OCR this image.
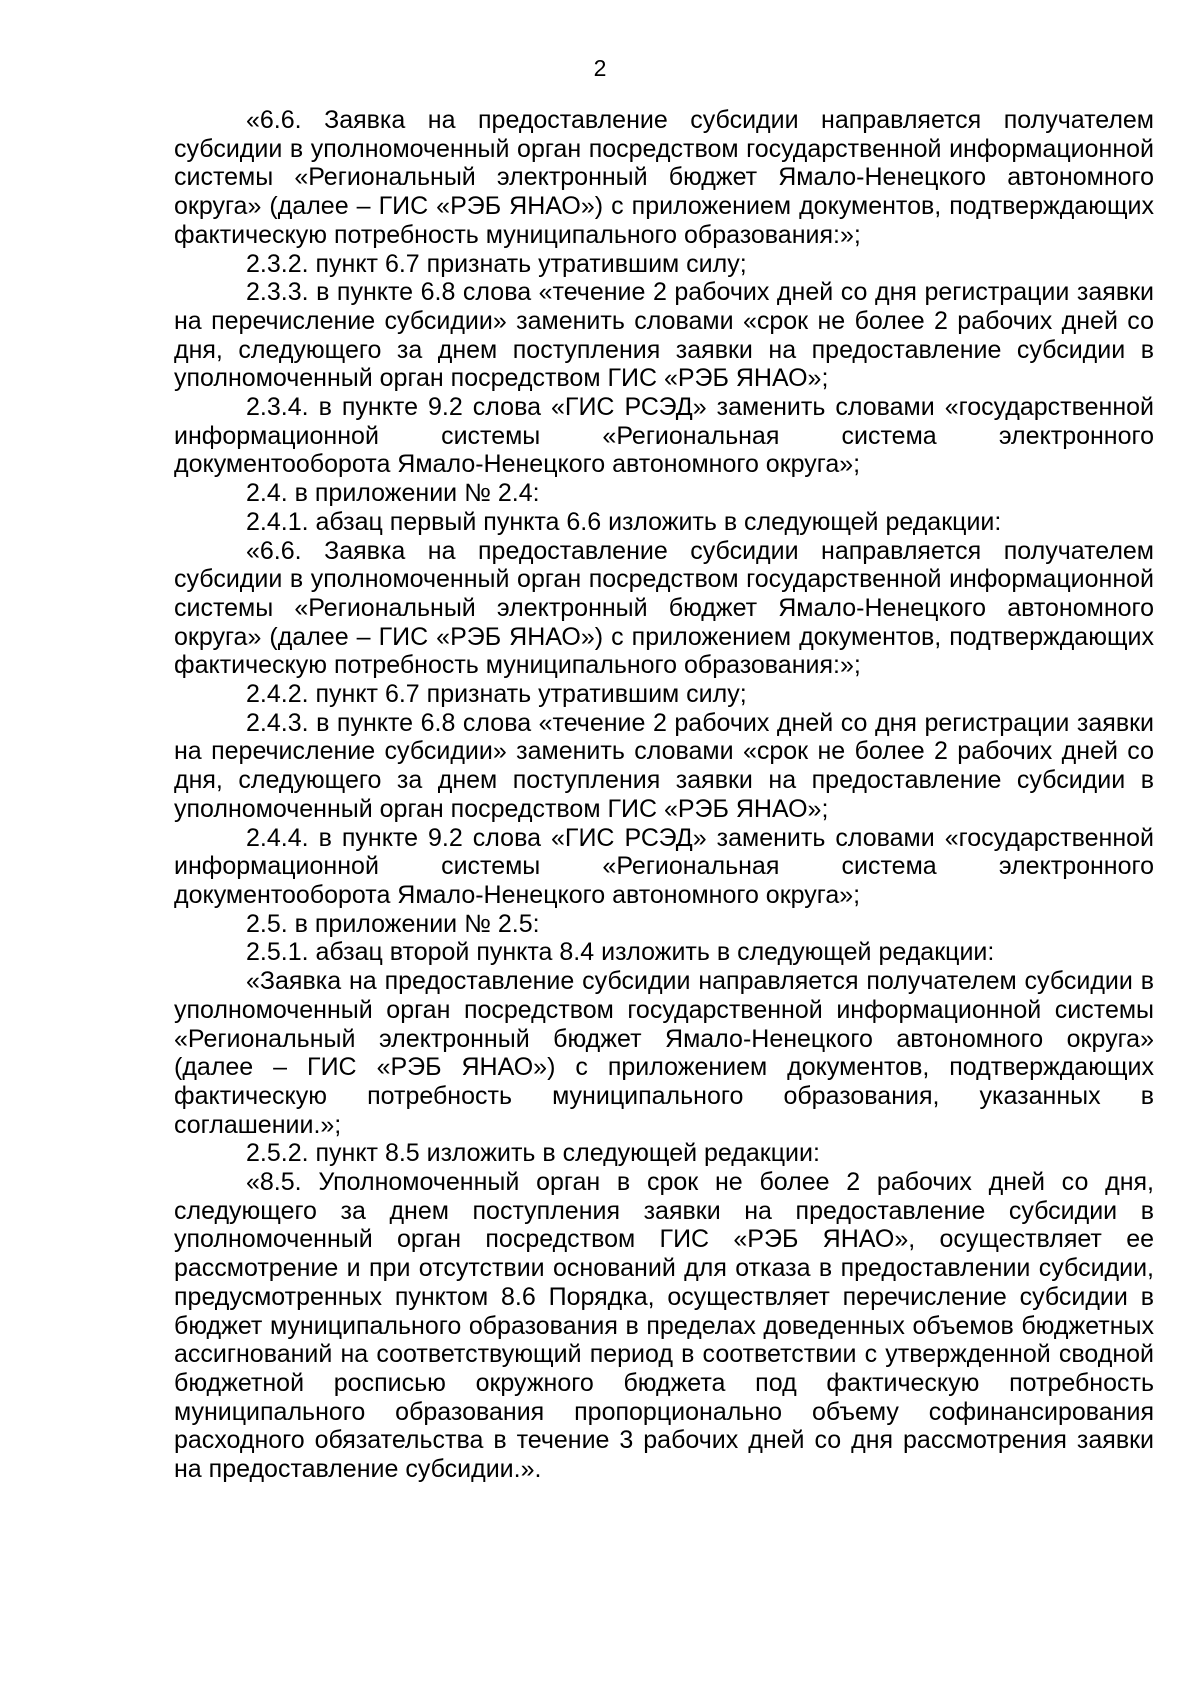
2

«6.6. Заявка на предоставление субсидии направляется получателем субсидии в уполномоченный орган посредством государственной информационной системы «Региональный электронный бюджет Ямало-Ненецкого автономного округа» (далее – ГИС «РЭБ ЯНАО») с приложением документов, подтверждающих фактическую потребность муниципального образования:»;

2.3.2. пункт 6.7 признать утратившим силу;

2.3.3. в пункте 6.8 слова «течение 2 рабочих дней со дня регистрации заявки на перечисление субсидии» заменить словами «срок не более 2 рабочих дней со дня, следующего за днем поступления заявки на предоставление субсидии в уполномоченный орган посредством ГИС «РЭБ ЯНАО»;

2.3.4. в пункте 9.2 слова «ГИС РСЭД» заменить словами «государственной информационной системы «Региональная система электронного документооборота Ямало-Ненецкого автономного округа»;

2.4. в приложении № 2.4:

2.4.1. абзац первый пункта 6.6 изложить в следующей редакции:

«6.6. Заявка на предоставление субсидии направляется получателем субсидии в уполномоченный орган посредством государственной информационной системы «Региональный электронный бюджет Ямало-Ненецкого автономного округа» (далее – ГИС «РЭБ ЯНАО») с приложением документов, подтверждающих фактическую потребность муниципального образования:»;

2.4.2. пункт 6.7 признать утратившим силу;

2.4.3. в пункте 6.8 слова «течение 2 рабочих дней со дня регистрации заявки на перечисление субсидии» заменить словами «срок не более 2 рабочих дней со дня, следующего за днем поступления заявки на предоставление субсидии в уполномоченный орган посредством ГИС «РЭБ ЯНАО»;

2.4.4. в пункте 9.2 слова «ГИС РСЭД» заменить словами «государственной информационной системы «Региональная система электронного документооборота Ямало-Ненецкого автономного округа»;

2.5. в приложении № 2.5:

2.5.1. абзац второй пункта 8.4 изложить в следующей редакции:

«Заявка на предоставление субсидии направляется получателем субсидии в уполномоченный орган посредством государственной информационной системы «Региональный электронный бюджет Ямало-Ненецкого автономного округа» (далее – ГИС «РЭБ ЯНАО») с приложением документов, подтверждающих фактическую потребность муниципального образования, указанных в соглашении.»;

2.5.2. пункт 8.5 изложить в следующей редакции:

«8.5. Уполномоченный орган в срок не более 2 рабочих дней со дня, следующего за днем поступления заявки на предоставление субсидии в уполномоченный орган посредством ГИС «РЭБ ЯНАО», осуществляет ее рассмотрение и при отсутствии оснований для отказа в предоставлении субсидии, предусмотренных пунктом 8.6 Порядка, осуществляет перечисление субсидии в бюджет муниципального образования в пределах доведенных объемов бюджетных ассигнований на соответствующий период в соответствии с утвержденной сводной бюджетной росписью окружного бюджета под фактическую потребность муниципального образования пропорционально объему софинансирования расходного обязательства в течение 3 рабочих дней со дня рассмотрения заявки на предоставление субсидии.».
